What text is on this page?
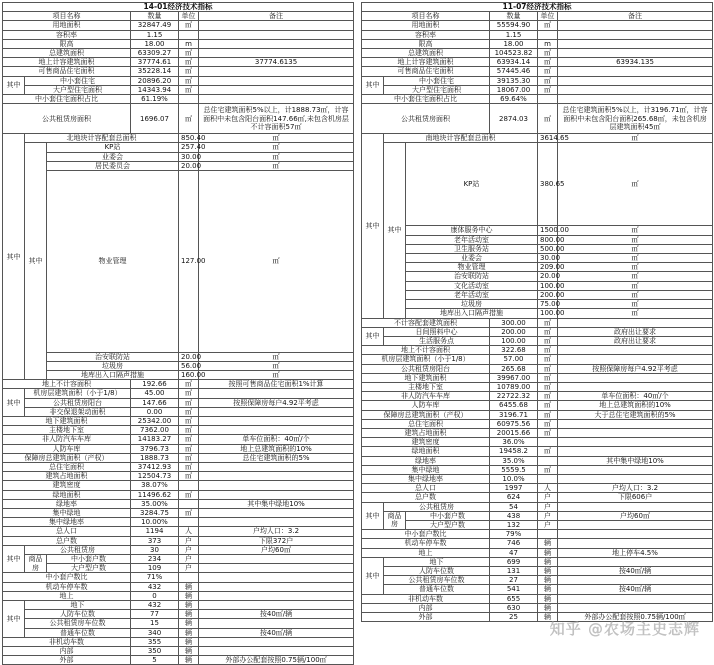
14-01经济技术指标						
项目名称			数量	单位	备注	
用地面积			32847.49	㎡		
容积率			1.15			
限高			18.00	m		
总建筑面积			63309.27	㎡		
地上计容建筑面积			37774.61	㎡	37774.6135	
可售商品住宅面积			35228.14	㎡		
其中	中小套住宅		20896.20	㎡		
	大户型住宅面积		14343.94	㎡		
中小套住宅面积占比			61.19%			
公共租赁房面积			1696.07	㎡	总住宅建筑面积5%以上，计1888.73㎡，计容面积中未包含阳台面积147.66㎡,未包含机房层不计容面积57㎡	
其中	北地块计容配套总面积			850.40	㎡	
	其中	KP站		257.40	㎡	
		业委会		30.00	㎡	
		居民委员会		20.00	㎡	
		物业管理		127.00	㎡	
		治安联防站		20.00	㎡	
		垃圾房		56.00	㎡	
		地库出入口隔声措施		160.00	㎡	
地上不计容面积			192.66	㎡	按照可售商品住宅面积1%计算	
其中	机房层建筑面积（小于1/8）		45.00	㎡		
	公共租赁房阳台		147.66	㎡	按照保障房每户4.92平考虑	
	非交保退架动面积		0.00	㎡		
地下建筑面积			25342.00	㎡		
主楼地下室			7362.00	㎡		
非人防汽车车库			14183.27	㎡	单车位面积：40㎡/个	
人防车库			3796.73	㎡	地上总建筑面积的10%	
保障房总建筑面积（产权）			1888.73	㎡	总住宅建筑面积的5%	
总住宅面积			37412.93	㎡		
建筑占地面积			12504.73	㎡		
建筑密度			38.07%			
绿地面积			11496.62	㎡		
绿地率			35.00%		其中集中绿地10%	
集中绿地			3284.75	㎡		
集中绿地率			10.00%			
总人口			1194	人	户均人口：3.2	
总户数			373	户	下限372户	
其中	公共租赁房		30	户	户均60㎡	
	商品房	中小套户数	234	户		
		大户型户数	109	户		
中小套户数比			71%			
机动车停车数			432	辆		
地上			0	辆		
其中	地下		432	辆		
	人防车位数		77	辆	按40㎡/辆	
	公共租赁房车位数		15	辆		
	普通车位数		340	辆	按40㎡/辆	
非机动车数			355	辆		
内部			350	辆		
外部			5	辆	外部办公配套按照0.75辆/100㎡	
11-07经济技术指标						
项目名称			数量	单位	备注	
用地面积			55594.90	㎡		
容积率			1.15			
限高			18.00	m		
总建筑面积			104523.82	㎡		
地上计容建筑面积			63934.14	㎡	63934.135	
可售商品住宅面积			57445.46	㎡		
其中	中小套住宅		39135.30	㎡		
	大户型住宅面积		18067.00	㎡		
中小套住宅面积占比			69.64%			
公共租赁房面积			2874.03	㎡	总住宅建筑面积5%以上，计3196.71㎡，计容面积中未包含阳台面积265.68㎡，未包含机房层建筑面积45㎡	
其中	南地块计容配套总面积			3614.65	㎡	
	其中	KP站		380.65	㎡	
		康体服务中心		1500.00	㎡	
		老年活动室		800.00	㎡	
		卫生服务站		500.00	㎡	
		业委会		30.00	㎡	
		物业管理		209.00	㎡	
		治安联防站		20.00	㎡	
		文化活动室		100.00	㎡	
		老年活动室		200.00	㎡	
		垃圾房		75.00	㎡	
		地库出入口隔声措施		100.00	㎡	
不计容配套建筑面积			300.00	㎡		
其中	日间照料中心		200.00	㎡	政府出让要求	
	生活服务点		100.00	㎡	政府出让要求	
地上不计容面积			322.68	㎡		
机房层建筑面积（小于1/8）			57.00	㎡		
公共租赁房阳台			265.68	㎡	按照保障房每户4.92平考虑	
地下建筑面积			39967.00	㎡		
主楼地下室			10789.00	㎡		
非人防汽车车库			22722.32	㎡	单车位面积：40㎡/个	
人防车库			6455.68	㎡	地上总建筑面积的10%	
保障房总建筑面积（产权）			3196.71	㎡	大于总住宅建筑面积的5%	
总住宅面积			60975.56	㎡		
建筑占地面积			20015.66	㎡		
建筑密度			36.0%			
绿地面积			19458.2	㎡		
绿地率			35.0%		其中集中绿地10%	
集中绿地			5559.5	㎡		
集中绿地率			10.0%			
总人口			1997	人	户均人口：3.2	
总户数			624	户	下限606户	
其中	公共租赁房		54	户		
	商品房	中小套户数	438	户	户均60㎡	
		大户型户数	132	户		
中小套户数比			79%			
机动车停车数			746	辆		
地上			47	辆	地上停车4.5%	
其中	地下		699	辆		
	人防车位数		131	辆	按40㎡/辆	
	公共租赁房车位数		27	辆		
	普通车位数		541	辆	按40㎡/辆	
非机动车数			655	辆		
内部			630	辆		
外部			25	辆	外部办公配套按照0.75辆/100㎡	
知乎 @农场主史志辉
